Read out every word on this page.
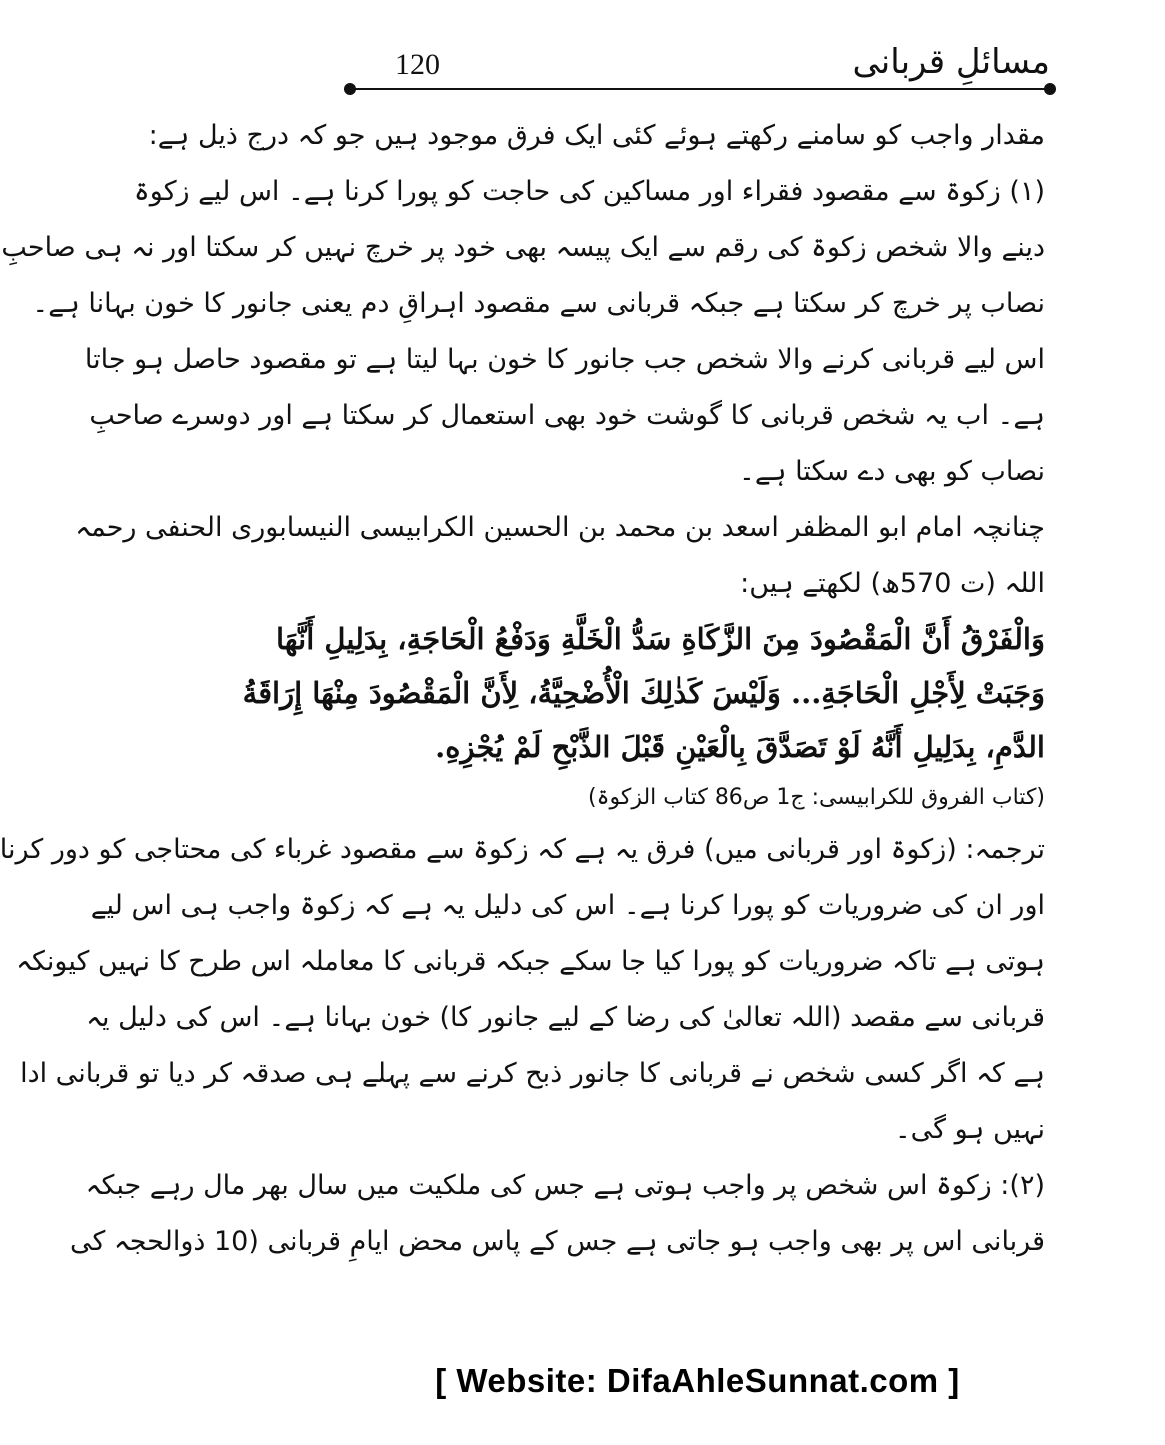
مسائلِ قربانی
120
مقدار واجب کو سامنے رکھتے ہوئے کئی ایک فرق موجود ہیں جو کہ درج ذیل ہے:
(۱) زکوۃ سے مقصود فقراء اور مساکین کی حاجت کو پورا کرنا ہے۔ اس لیے زکوۃ
دینے والا شخص زکوۃ کی رقم سے ایک پیسہ بھی خود پر خرچ نہیں کر سکتا اور نہ ہی صاحبِ
نصاب پر خرچ کر سکتا ہے جبکہ قربانی سے مقصود اہراقِ دم یعنی جانور کا خون بہانا ہے۔
اس لیے قربانی کرنے والا شخص جب جانور کا خون بہا لیتا ہے تو مقصود حاصل ہو جاتا
ہے۔ اب یہ شخص قربانی کا گوشت خود بھی استعمال کر سکتا ہے اور دوسرے صاحبِ
نصاب کو بھی دے سکتا ہے۔
چنانچہ امام ابو المظفر اسعد بن محمد بن الحسین الکرابیسی النیسابوری الحنفی رحمہ
اللہ (ت 570ھ) لکھتے ہیں:
وَالْفَرْقُ أَنَّ الْمَقْصُودَ مِنَ الزَّكَاةِ سَدُّ الْخَلَّةِ وَدَفْعُ الْحَاجَةِ، بِدَلِيلِ أَنَّهَا
وَجَبَتْ لِأَجْلِ الْحَاجَةِ... وَلَيْسَ كَذٰلِكَ الْأُضْحِيَّةُ، لِأَنَّ الْمَقْصُودَ مِنْهَا إِرَاقَةُ
الدَّمِ، بِدَلِيلِ أَنَّهُ لَوْ تَصَدَّقَ بِالْعَيْنِ قَبْلَ الذَّبْحِ لَمْ يُجْزِهِ.
(کتاب الفروق للکرابیسی: ج1 ص86 کتاب الزکوۃ)
ترجمہ: (زکوۃ اور قربانی میں) فرق یہ ہے کہ زکوۃ سے مقصود غرباء کی محتاجی کو دور کرنا
اور ان کی ضروریات کو پورا کرنا ہے۔ اس کی دلیل یہ ہے کہ زکوۃ واجب ہی اس لیے
ہوتی ہے تاکہ ضروریات کو پورا کیا جا سکے جبکہ قربانی کا معاملہ اس طرح کا نہیں کیونکہ
قربانی سے مقصد (اللہ تعالیٰ کی رضا کے لیے جانور کا) خون بہانا ہے۔ اس کی دلیل یہ
ہے کہ اگر کسی شخص نے قربانی کا جانور ذبح کرنے سے پہلے ہی صدقہ کر دیا تو قربانی ادا
نہیں ہو گی۔
(۲): زکوۃ اس شخص پر واجب ہوتی ہے جس کی ملکیت میں سال بھر مال رہے جبکہ
قربانی اس پر بھی واجب ہو جاتی ہے جس کے پاس محض ایامِ قربانی (10 ذوالحجہ کی
[ Website: DifaAhleSunnat.com ]
